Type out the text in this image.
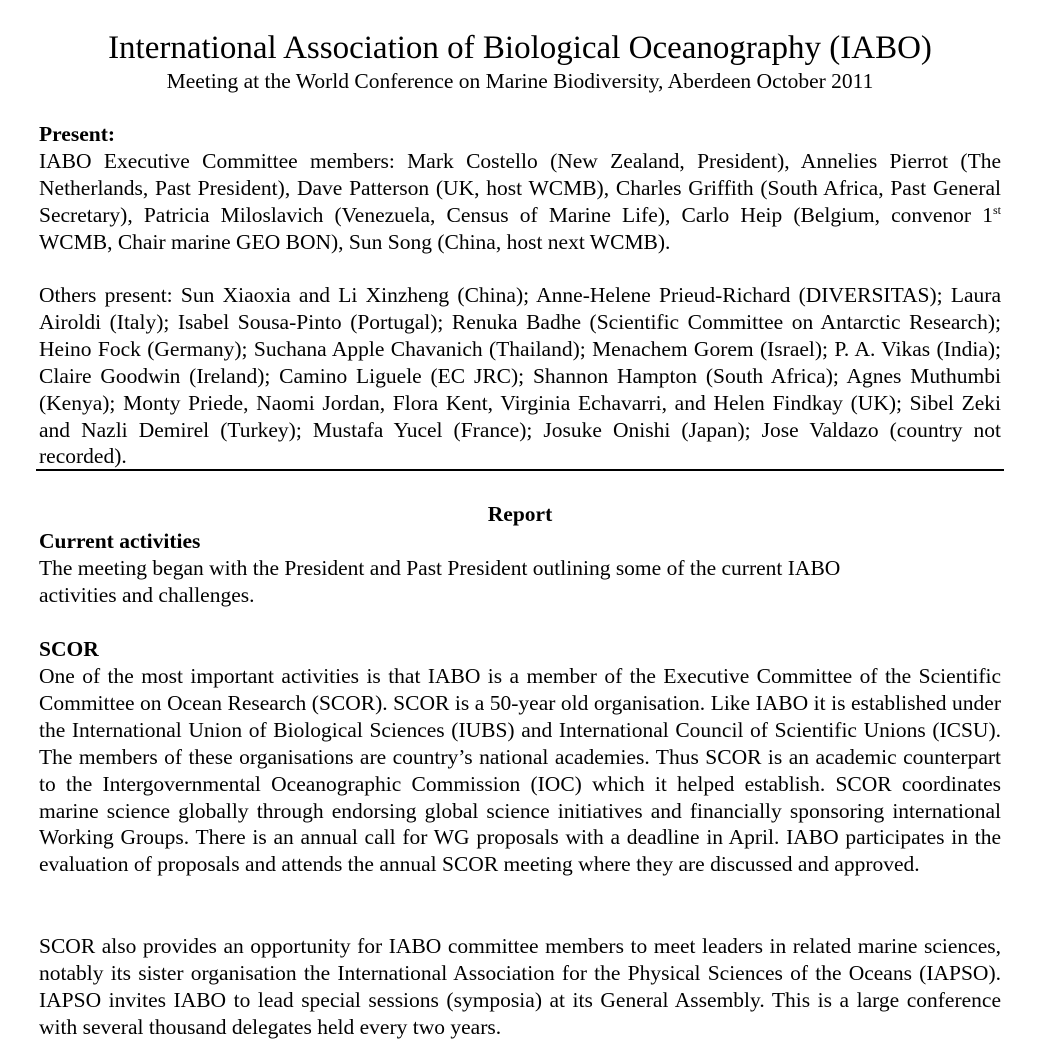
International Association of Biological Oceanography (IABO)
Meeting at the World Conference on Marine Biodiversity, Aberdeen October 2011
Present:
IABO Executive Committee members: Mark Costello (New Zealand, President), Annelies Pierrot (The Netherlands, Past President), Dave Patterson (UK, host WCMB), Charles Griffith (South Africa, Past General Secretary), Patricia Miloslavich (Venezuela, Census of Marine Life), Carlo Heip (Belgium, convenor 1st WCMB, Chair marine GEO BON), Sun Song (China, host next WCMB).
Others present: Sun Xiaoxia and Li Xinzheng (China); Anne-Helene Prieud-Richard (DIVERSITAS); Laura Airoldi (Italy); Isabel Sousa-Pinto (Portugal); Renuka Badhe (Scientific Committee on Antarctic Research); Heino Fock (Germany); Suchana Apple Chavanich (Thailand); Menachem Gorem (Israel); P. A. Vikas (India); Claire Goodwin (Ireland); Camino Liguele (EC JRC); Shannon Hampton (South Africa); Agnes Muthumbi (Kenya); Monty Priede, Naomi Jordan, Flora Kent, Virginia Echavarri, and Helen Findkay (UK); Sibel Zeki and Nazli Demirel (Turkey); Mustafa Yucel (France); Josuke Onishi (Japan); Jose Valdazo (country not recorded).
Report
Current activities
The meeting began with the President and Past President outlining some of the current IABO activities and challenges.
SCOR
One of the most important activities is that IABO is a member of the Executive Committee of the Scientific Committee on Ocean Research (SCOR). SCOR is a 50-year old organisation. Like IABO it is established under the International Union of Biological Sciences (IUBS) and International Council of Scientific Unions (ICSU). The members of these organisations are country’s national academies. Thus SCOR is an academic counterpart to the Intergovernmental Oceanographic Commission (IOC) which it helped establish. SCOR coordinates marine science globally through endorsing global science initiatives and financially sponsoring international Working Groups. There is an annual call for WG proposals with a deadline in April. IABO participates in the evaluation of proposals and attends the annual SCOR meeting where they are discussed and approved.
SCOR also provides an opportunity for IABO committee members to meet leaders in related marine sciences, notably its sister organisation the International Association for the Physical Sciences of the Oceans (IAPSO). IAPSO invites IABO to lead special sessions (symposia) at its General Assembly. This is a large conference with several thousand delegates held every two years.
